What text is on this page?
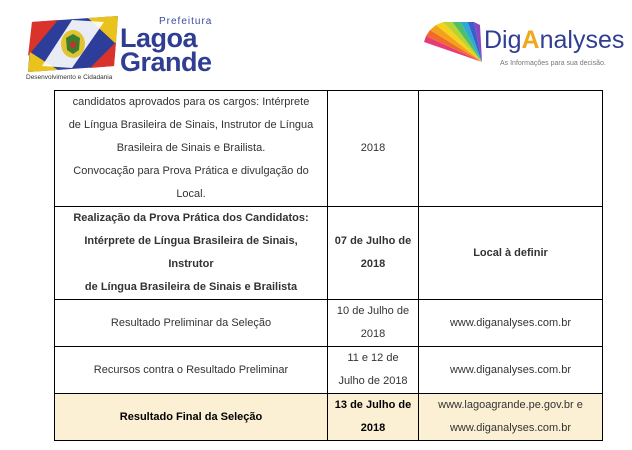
Desenvolvimento e Cidadania
Prefeitura
Lagoa
Grande
DigAnalyses
As Informações para sua decisão.
candidatos aprovados para os cargos: Intérprete
de Língua Brasileira de Sinais, Instrutor de Língua
Brasileira de Sinais e Brailista.
Convocação para Prova Prática e divulgação do
Local.	2018	

Realização da Prova Prática dos Candidatos:
Intérprete de Língua Brasileira de Sinais, Instrutor
de Língua Brasileira de Sinais e Brailista	07 de Julho de
2018	Local à definir

Resultado Preliminar da Seleção	10 de Julho de
2018	www.diganalyses.com.br

Recursos contra o Resultado Preliminar	11 e 12 de
Julho de 2018	www.diganalyses.com.br

Resultado Final da Seleção	13 de Julho de
2018	www.lagoagrande.pe.gov.br e
www.diganalyses.com.br
